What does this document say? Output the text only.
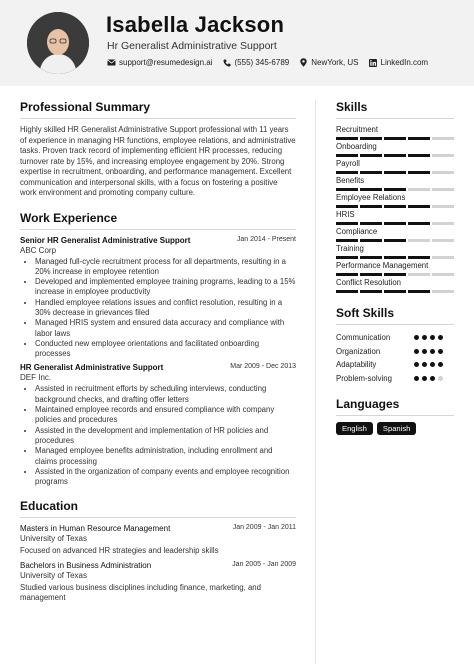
Isabella Jackson
Hr Generalist Administrative Support
support@resumedesign.ai	(555) 345-6789	NewYork, US	LinkedIn.com
Professional Summary

Highly skilled HR Generalist Administrative Support professional with 11 years of experience in managing HR functions, employee relations, and administrative tasks. Proven track record of implementing efficient HR processes, reducing turnover rate by 15%, and increasing employee engagement by 20%. Strong expertise in recruitment, onboarding, and performance management. Excellent communication and interpersonal skills, with a focus on fostering a positive work environment and promoting company culture.

Work Experience
Senior HR Generalist Administrative Support	Jan 2014 - Present
ABC Corp
• Managed full-cycle recruitment process for all departments, resulting in a 20% increase in employee retention
• Developed and implemented employee training programs, leading to a 15% increase in employee productivity
• Handled employee relations issues and conflict resolution, resulting in a 30% decrease in grievances filed
• Managed HRIS system and ensured data accuracy and compliance with labor laws
• Conducted new employee orientations and facilitated onboarding processes
HR Generalist Administrative Support	Mar 2009 - Dec 2013
DEF Inc.
• Assisted in recruitment efforts by scheduling interviews, conducting background checks, and drafting offer letters
• Maintained employee records and ensured compliance with company policies and procedures
• Assisted in the development and implementation of HR policies and procedures
• Managed employee benefits administration, including enrollment and claims processing
• Assisted in the organization of company events and employee recognition programs
Education
Masters in Human Resource Management	Jan 2009 - Jan 2011
University of Texas

Focused on advanced HR strategies and leadership skills

Bachelors in Business Administration	Jan 2005 - Jan 2009
University of Texas

Studied various business disciplines including finance, marketing, and management

Skills
Recruitment
Onboarding
Payroll
Benefits
Employee Relations
HRIS
Compliance
Training
Performance Management
Conflict Resolution
Soft Skills
Communication
Organization
Adaptability
Problem-solving
Languages
English	Spanish
